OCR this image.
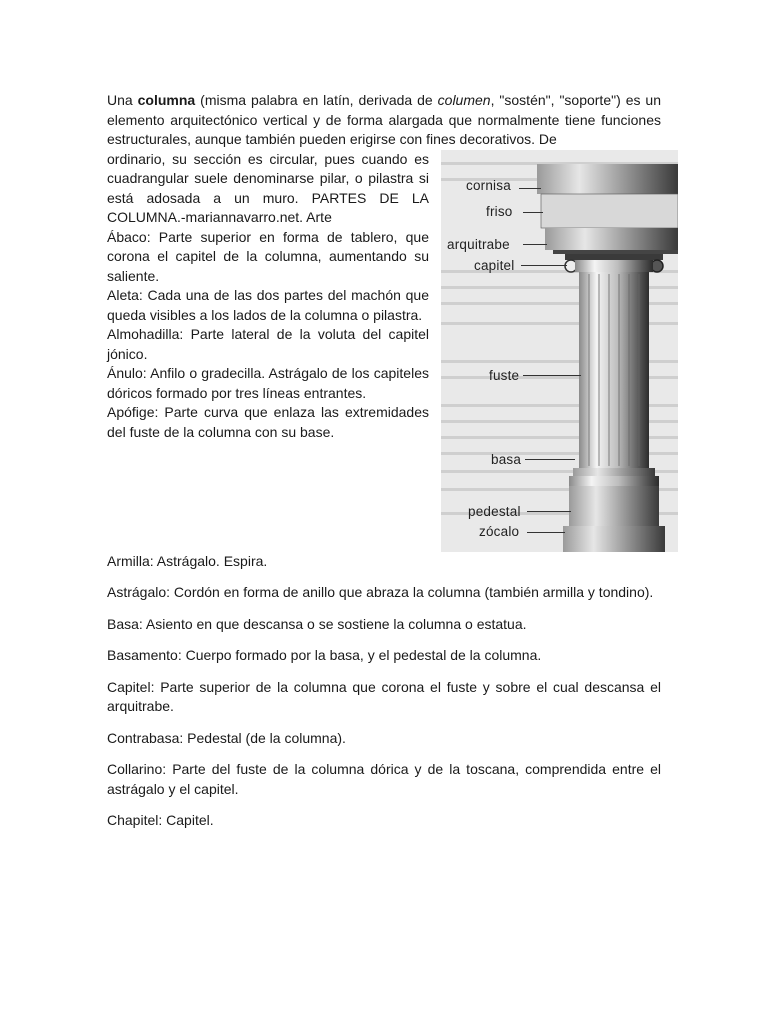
Una columna (misma palabra en latín, derivada de columen, "sostén", "soporte") es un elemento arquitectónico vertical y de forma alargada que normalmente tiene funciones estructurales, aunque también pueden erigirse con fines decorativos. De
cornisa
friso
arquitrabe
capitel
fuste
basa
pedestal
zócalo

ordinario, su sección es circular, pues cuando es cuadrangular suele denominarse pilar, o pilastra si está adosada a un muro. PARTES DE LA COLUMNA.-mariannavarro.net. Arte

Ábaco: Parte superior en forma de tablero, que corona el capitel de la columna, aumentando su saliente.

Aleta: Cada una de las dos partes del machón que queda visibles a los lados de la columna o pilastra.

Almohadilla: Parte lateral de la voluta del capitel jónico.

Ánulo: Anfilo o gradecilla. Astrágalo de los capiteles dóricos formado por tres líneas entrantes.

Apófige: Parte curva que enlaza las extremidades del fuste de la columna con su base.

Armilla: Astrágalo. Espira.

Astrágalo: Cordón en forma de anillo que abraza la columna (también armilla y tondino).

Basa: Asiento en que descansa o se sostiene la columna o estatua.

Basamento: Cuerpo formado por la basa, y el pedestal de la columna.

Capitel: Parte superior de la columna que corona el fuste y sobre el cual descansa el arquitrabe.

Contrabasa: Pedestal (de la columna).

Collarino: Parte del fuste de la columna dórica y de la toscana, comprendida entre el astrágalo y el capitel.

Chapitel: Capitel.
